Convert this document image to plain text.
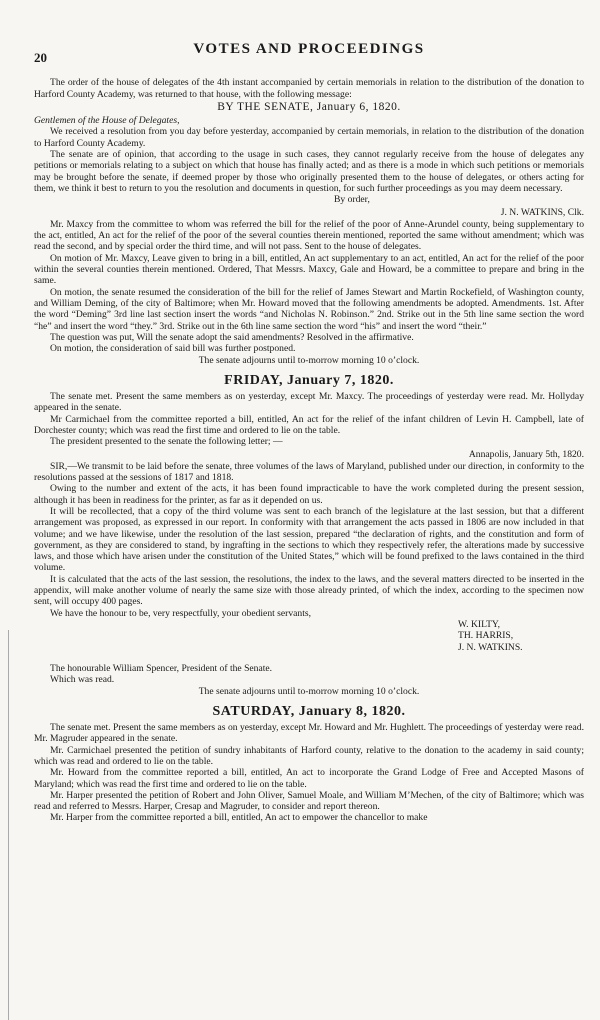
20
VOTES AND PROCEEDINGS

The order of the house of delegates of the 4th instant accompanied by certain memorials in relation to the distribution of the donation to Harford County Academy, was returned to that house, with the following message:

BY THE SENATE, January 6, 1820.

Gentlemen of the House of Delegates,

We received a resolution from you day before yesterday, accompanied by certain memorials, in relation to the distribution of the donation to Harford County Academy.

The senate are of opinion, that according to the usage in such cases, they cannot regularly receive from the house of delegates any petitions or memorials relating to a subject on which that house has finally acted; and as there is a mode in which such petitions or memorials may be brought before the senate, if deemed proper by those who originally presented them to the house of delegates, or others acting for them, we think it best to return to you the resolution and documents in question, for such further proceedings as you may deem necessary.

By order,
J. N. WATKINS, Clk.

Mr. Maxcy from the committee to whom was referred the bill for the relief of the poor of Anne-Arundel county, being supplementary to the act, entitled, An act for the relief of the poor of the several counties therein mentioned, reported the same without amendment; which was read the second, and by special order the third time, and will not pass. Sent to the house of delegates.

On motion of Mr. Maxcy, Leave given to bring in a bill, entitled, An act supplementary to an act, entitled, An act for the relief of the poor within the several counties therein mentioned. Ordered, That Messrs. Maxcy, Gale and Howard, be a committee to prepare and bring in the same.

On motion, the senate resumed the consideration of the bill for the relief of James Stewart and Martin Rockefield, of Washington county, and William Deming, of the city of Baltimore; when Mr. Howard moved that the following amendments be adopted. Amendments. 1st. After the word “Deming” 3rd line last section insert the words “and Nicholas N. Robinson.” 2nd. Strike out in the 5th line same section the word “he” and insert the word “they.” 3rd. Strike out in the 6th line same section the word “his” and insert the word “their.”

The question was put, Will the senate adopt the said amendments? Resolved in the affirmative.

On motion, the consideration of said bill was further postponed.

The senate adjourns until to-morrow morning 10 o’clock.
FRIDAY, January 7, 1820.

The senate met. Present the same members as on yesterday, except Mr. Maxcy. The proceedings of yesterday were read. Mr. Hollyday appeared in the senate.

Mr Carmichael from the committee reported a bill, entitled, An act for the relief of the infant children of Levin H. Campbell, late of Dorchester county; which was read the first time and ordered to lie on the table.

The president presented to the senate the following letter; —

Annapolis, January 5th, 1820.

SIR,—We transmit to be laid before the senate, three volumes of the laws of Maryland, published under our direction, in conformity to the resolutions passed at the sessions of 1817 and 1818.

Owing to the number and extent of the acts, it has been found impracticable to have the work completed during the present session, although it has been in readiness for the printer, as far as it depended on us.

It will be recollected, that a copy of the third volume was sent to each branch of the legislature at the last session, but that a different arrangement was proposed, as expressed in our report. In conformity with that arrangement the acts passed in 1806 are now included in that volume; and we have likewise, under the resolution of the last session, prepared “the declaration of rights, and the constitution and form of government, as they are considered to stand, by ingrafting in the sections to which they respectively refer, the alterations made by successive laws, and those which have arisen under the constitution of the United States,” which will be found prefixed to the laws contained in the third volume.

It is calculated that the acts of the last session, the resolutions, the index to the laws, and the several matters directed to be inserted in the appendix, will make another volume of nearly the same size with those already printed, of which the index, according to the specimen now sent, will occupy 400 pages.

We have the honour to be, very respectfully, your obedient servants,

W. KILTY,
TH. HARRIS,
J. N. WATKINS.

The honourable William Spencer, President of the Senate.

Which was read.

The senate adjourns until to-morrow morning 10 o’clock.
SATURDAY, January 8, 1820.

The senate met. Present the same members as on yesterday, except Mr. Howard and Mr. Hughlett. The proceedings of yesterday were read. Mr. Magruder appeared in the senate.

Mr. Carmichael presented the petition of sundry inhabitants of Harford county, relative to the donation to the academy in said county; which was read and ordered to lie on the table.

Mr. Howard from the committee reported a bill, entitled, An act to incorporate the Grand Lodge of Free and Accepted Masons of Maryland; which was read the first time and ordered to lie on the table.

Mr. Harper presented the petition of Robert and John Oliver, Samuel Moale, and William M’Mechen, of the city of Baltimore; which was read and referred to Messrs. Harper, Cresap and Magruder, to consider and report thereon.

Mr. Harper from the committee reported a bill, entitled, An act to empower the chancellor to make
